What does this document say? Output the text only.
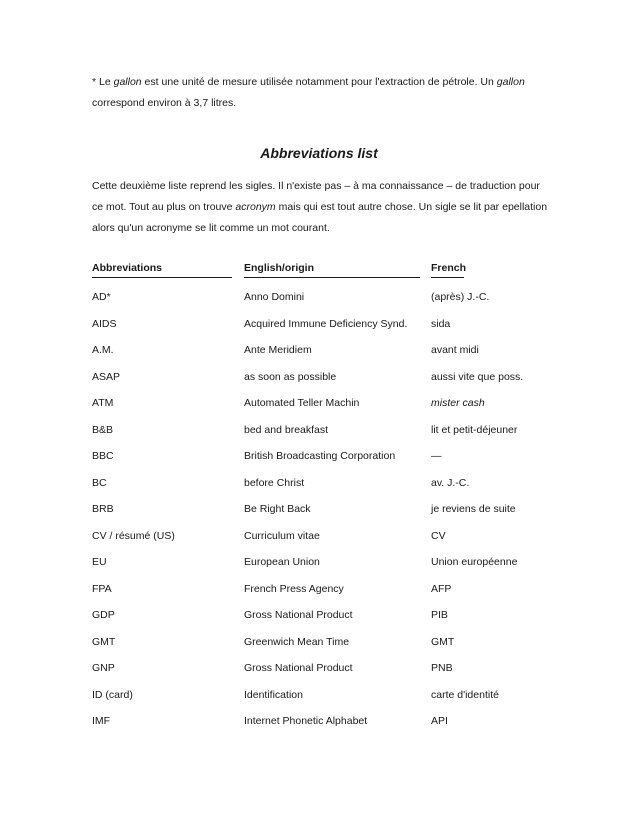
* Le gallon est une unité de mesure utilisée notamment pour l'extraction de pétrole. Un gallon correspond environ à 3,7 litres.
Abbreviations list
Cette deuxième liste reprend les sigles. Il n'existe pas – à ma connaissance – de traduction pour ce mot. Tout au plus on trouve acronym mais qui est tout autre chose. Un sigle se lit par epellation alors qu'un acronyme se lit comme un mot courant.
Abbreviations	English/origin	French
AD*	Anno Domini	(après) J.-C.
AIDS	Acquired Immune Deficiency Synd.	sida
A.M.	Ante Meridiem	avant midi
ASAP	as soon as possible	aussi vite que poss.
ATM	Automated Teller Machin	mister cash
B&B	bed and breakfast	lit et petit-déjeuner
BBC	British Broadcasting Corporation	—
BC	before Christ	av. J.-C.
BRB	Be Right Back	je reviens de suite
CV / résumé (US)	Curriculum vitae	CV
EU	European Union	Union européenne
FPA	French Press Agency	AFP
GDP	Gross National Product	PIB
GMT	Greenwich Mean Time	GMT
GNP	Gross National Product	PNB
ID (card)	Identification	carte d'identité
IMF	Internet Phonetic Alphabet	API
